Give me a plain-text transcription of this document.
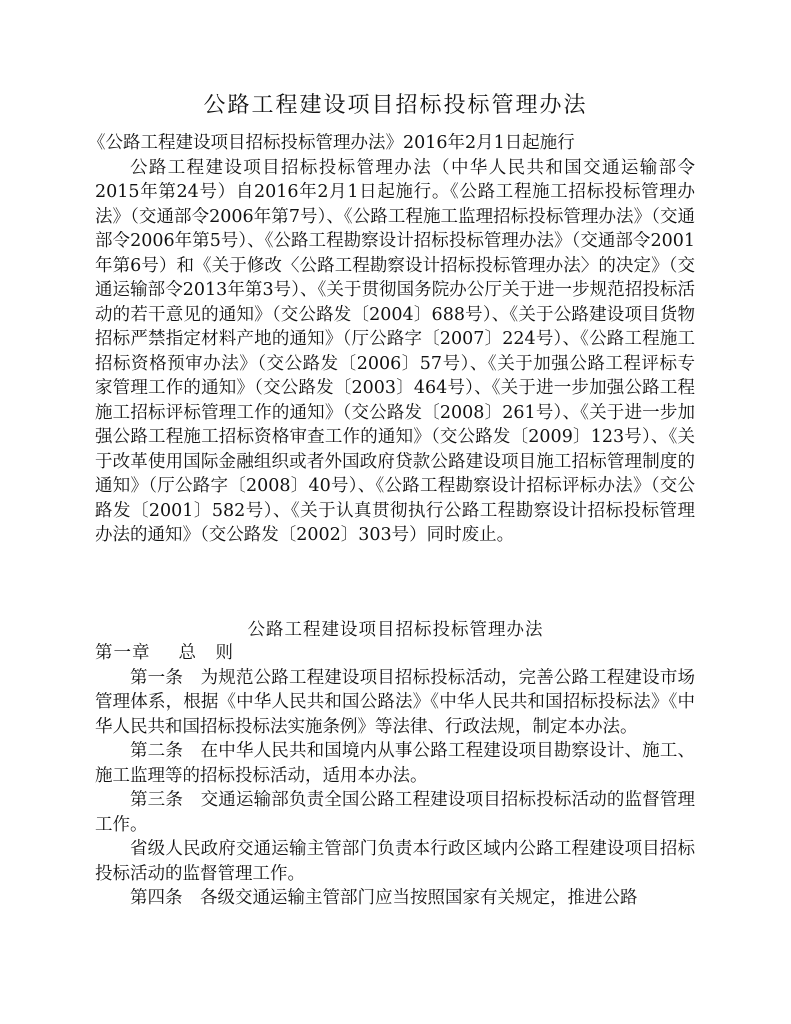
公路工程建设项目招标投标管理办法

《公路工程建设项目招标投标管理办法》2016年2月1日起施行

公路工程建设项目招标投标管理办法（中华人民共和国交通运输部令2015年第24号）自2016年2月1日起施行。《公路工程施工招标投标管理办法》（交通部令2006年第7号）、《公路工程施工监理招标投标管理办法》（交通部令2006年第5号）、《公路工程勘察设计招标投标管理办法》（交通部令2001年第6号）和《关于修改〈公路工程勘察设计招标投标管理办法〉的决定》（交通运输部令2013年第3号）、《关于贯彻国务院办公厅关于进一步规范招投标活动的若干意见的通知》（交公路发〔2004〕688号）、《关于公路建设项目货物招标严禁指定材料产地的通知》（厅公路字〔2007〕224号）、《公路工程施工招标资格预审办法》（交公路发〔2006〕57号）、《关于加强公路工程评标专家管理工作的通知》（交公路发〔2003〕464号）、《关于进一步加强公路工程施工招标评标管理工作的通知》（交公路发〔2008〕261号）、《关于进一步加强公路工程施工招标资格审查工作的通知》（交公路发〔2009〕123号）、《关于改革使用国际金融组织或者外国政府贷款公路建设项目施工招标管理制度的通知》（厅公路字〔2008〕40号）、《公路工程勘察设计招标评标办法》（交公路发〔2001〕582号）、《关于认真贯彻执行公路工程勘察设计招标投标管理办法的通知》（交公路发〔2002〕303号）同时废止。

公路工程建设项目招标投标管理办法

第一章 总　则

第一条　为规范公路工程建设项目招标投标活动，完善公路工程建设市场管理体系，根据《中华人民共和国公路法》《中华人民共和国招标投标法》《中华人民共和国招标投标法实施条例》等法律、行政法规，制定本办法。

第二条　在中华人民共和国境内从事公路工程建设项目勘察设计、施工、施工监理等的招标投标活动，适用本办法。

第三条　交通运输部负责全国公路工程建设项目招标投标活动的监督管理工作。

省级人民政府交通运输主管部门负责本行政区域内公路工程建设项目招标投标活动的监督管理工作。

第四条　各级交通运输主管部门应当按照国家有关规定，推进公路
